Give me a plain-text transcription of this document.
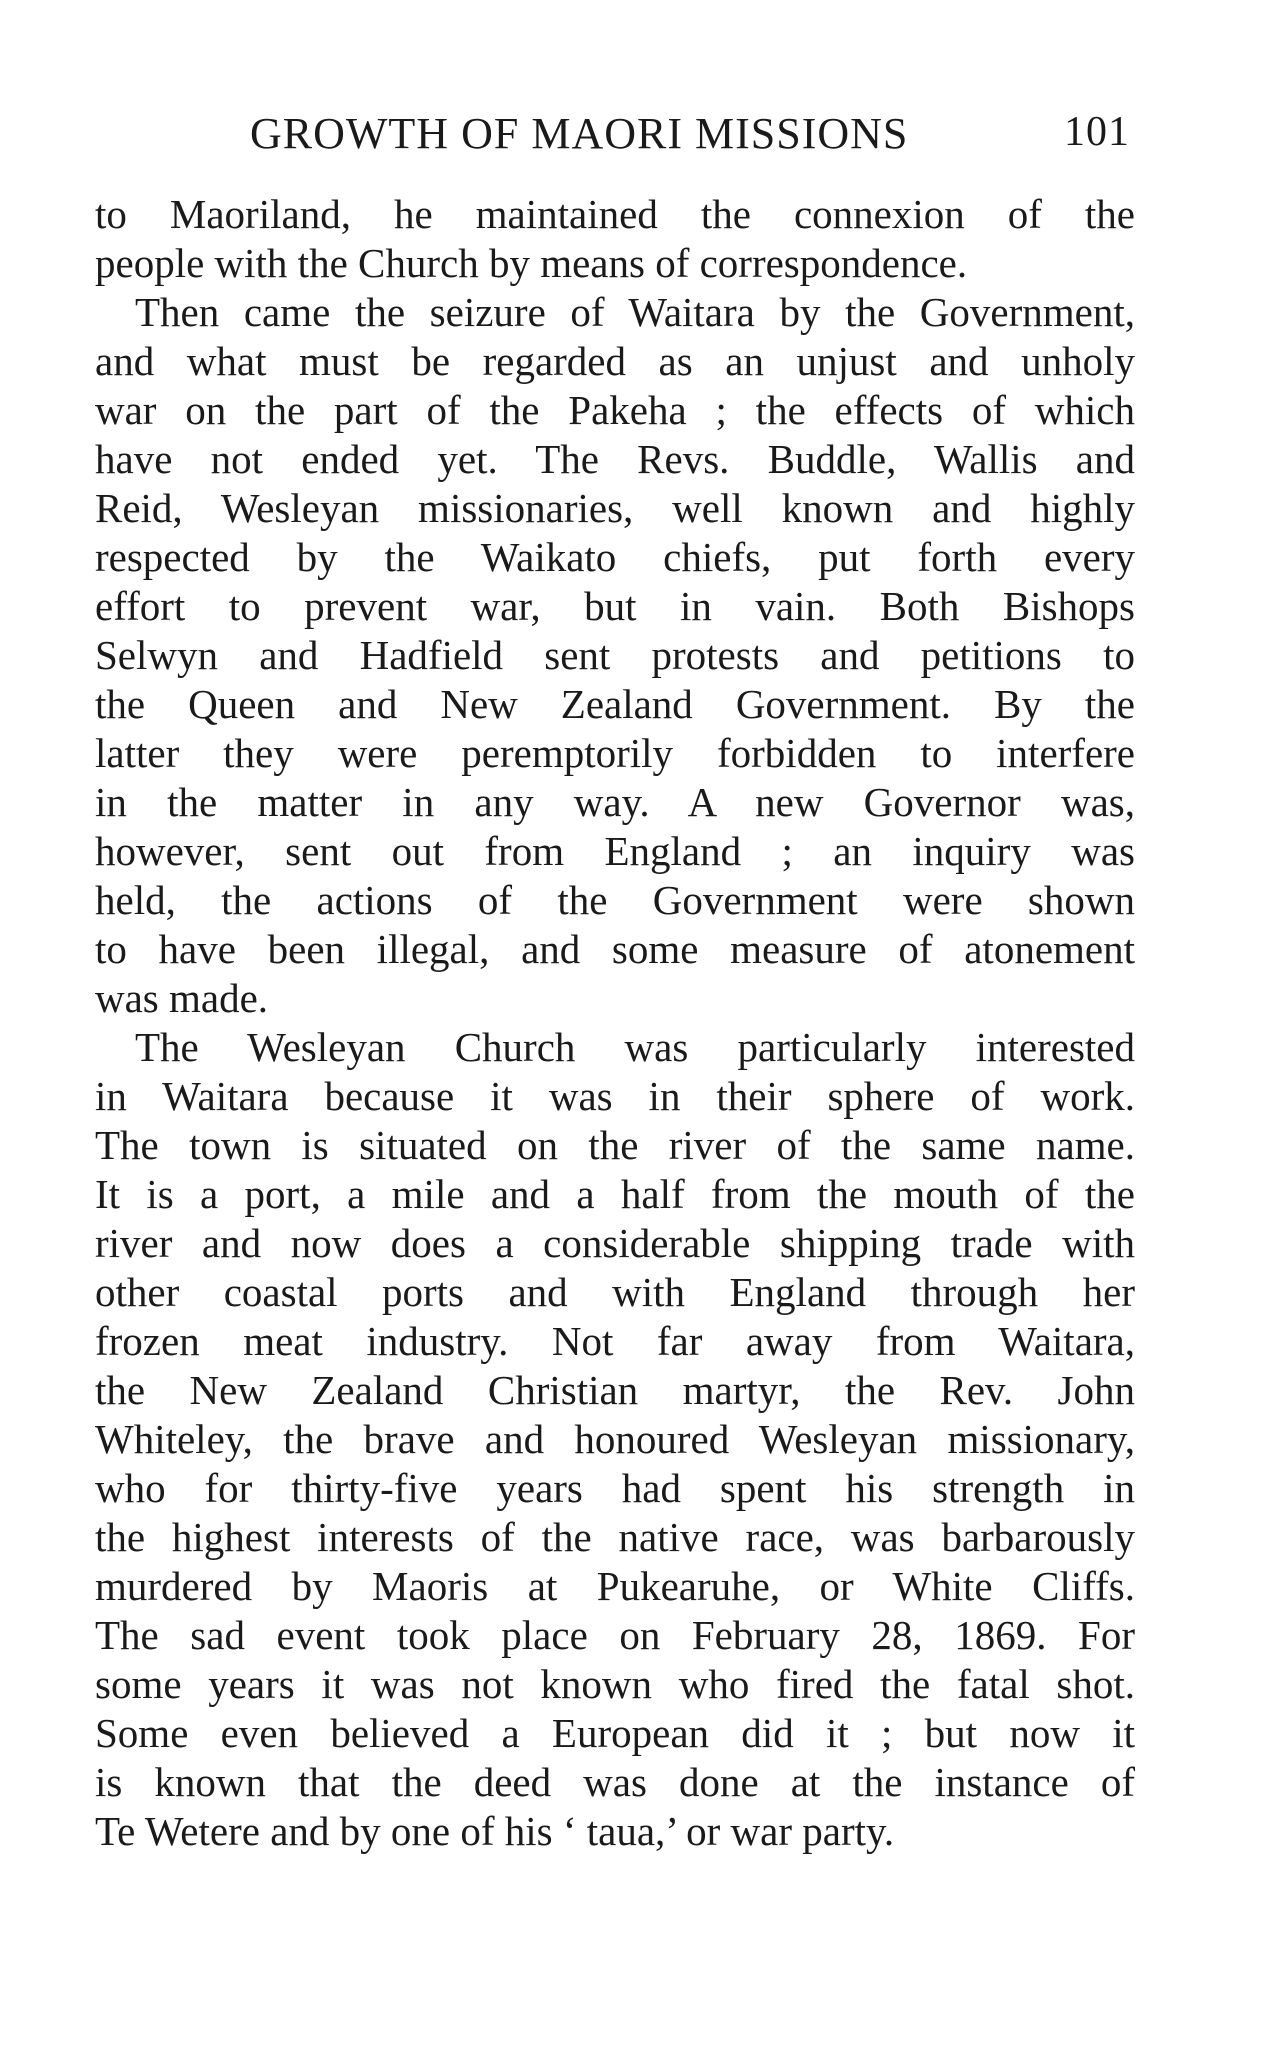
GROWTH OF MAORI MISSIONS	101
to Maoriland, he maintained the connexion of the
people with the Church by means of correspondence.
Then came the seizure of Waitara by the Government,
and what must be regarded as an unjust and unholy
war on the part of the Pakeha ; the effects of which
have not ended yet. The Revs. Buddle, Wallis and
Reid, Wesleyan missionaries, well known and highly
respected by the Waikato chiefs, put forth every
effort to prevent war, but in vain. Both Bishops
Selwyn and Hadfield sent protests and petitions to
the Queen and New Zealand Government. By the
latter they were peremptorily forbidden to interfere
in the matter in any way. A new Governor was,
however, sent out from England ; an inquiry was
held, the actions of the Government were shown
to have been illegal, and some measure of atonement
was made.
The Wesleyan Church was particularly interested
in Waitara because it was in their sphere of work.
The town is situated on the river of the same name.
It is a port, a mile and a half from the mouth of the
river and now does a considerable shipping trade with
other coastal ports and with England through her
frozen meat industry. Not far away from Waitara,
the New Zealand Christian martyr, the Rev. John
Whiteley, the brave and honoured Wesleyan missionary,
who for thirty-five years had spent his strength in
the highest interests of the native race, was barbarously
murdered by Maoris at Pukearuhe, or White Cliffs.
The sad event took place on February 28, 1869. For
some years it was not known who fired the fatal shot.
Some even believed a European did it ; but now it
is known that the deed was done at the instance of
Te Wetere and by one of his ‘ taua,’ or war party.
